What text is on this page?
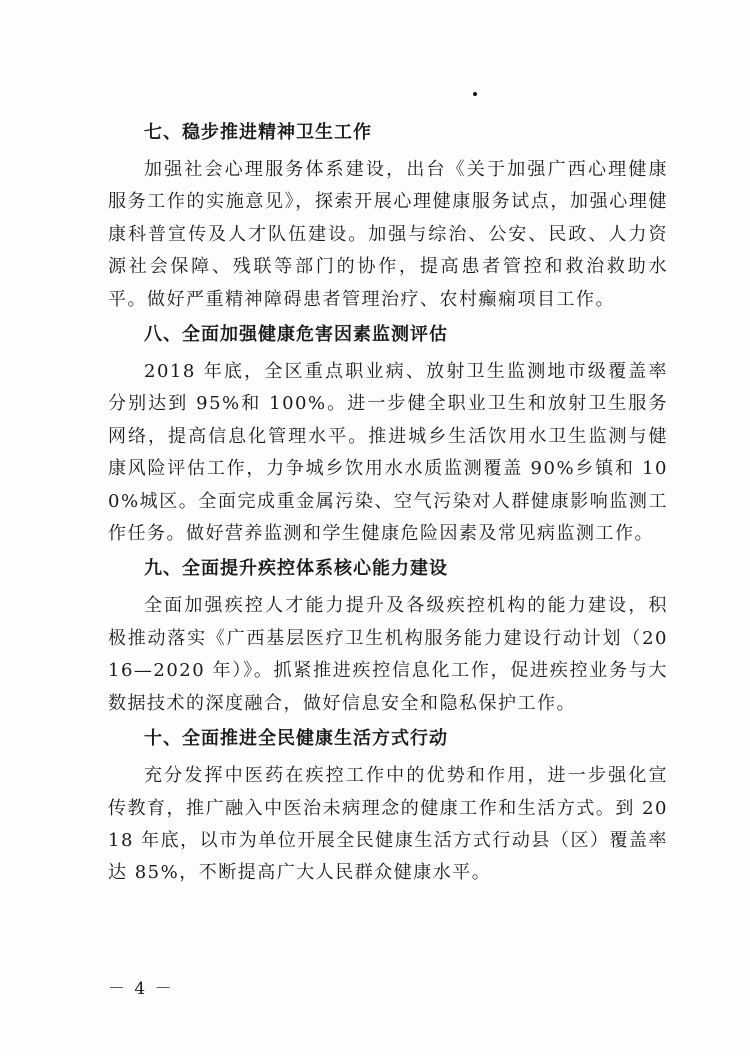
七、稳步推进精神卫生工作

加强社会心理服务体系建设，出台《关于加强广西心理健康服务工作的实施意见》，探索开展心理健康服务试点，加强心理健康科普宣传及人才队伍建设。加强与综治、公安、民政、人力资源社会保障、残联等部门的协作，提高患者管控和救治救助水平。做好严重精神障碍患者管理治疗、农村癫痫项目工作。

八、全面加强健康危害因素监测评估

2018 年底，全区重点职业病、放射卫生监测地市级覆盖率分别达到 95%和 100%。进一步健全职业卫生和放射卫生服务网络，提高信息化管理水平。推进城乡生活饮用水卫生监测与健康风险评估工作，力争城乡饮用水水质监测覆盖 90%乡镇和 100%城区。全面完成重金属污染、空气污染对人群健康影响监测工作任务。做好营养监测和学生健康危险因素及常见病监测工作。

九、全面提升疾控体系核心能力建设

全面加强疾控人才能力提升及各级疾控机构的能力建设，积极推动落实《广西基层医疗卫生机构服务能力建设行动计划（2016—2020 年）》。抓紧推进疾控信息化工作，促进疾控业务与大数据技术的深度融合，做好信息安全和隐私保护工作。

十、全面推进全民健康生活方式行动

充分发挥中医药在疾控工作中的优势和作用，进一步强化宣传教育，推广融入中医治未病理念的健康工作和生活方式。到 2018 年底，以市为单位开展全民健康生活方式行动县（区）覆盖率达 85%，不断提高广大人民群众健康水平。

－ 4 －
